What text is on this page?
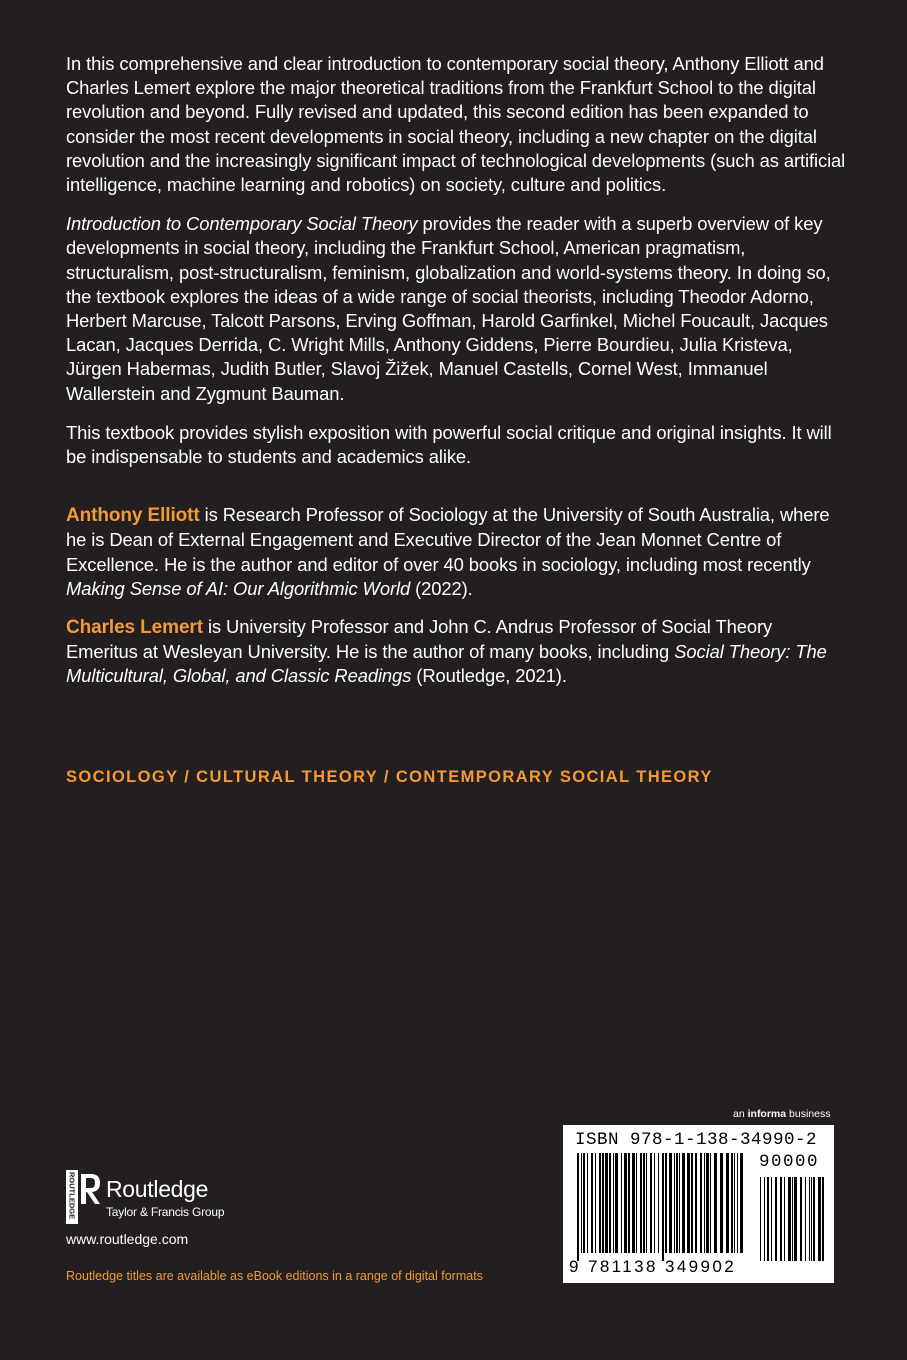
In this comprehensive and clear introduction to contemporary social theory, Anthony Elliott and Charles Lemert explore the major theoretical traditions from the Frankfurt School to the digital revolution and beyond. Fully revised and updated, this second edition has been expanded to consider the most recent developments in social theory, including a new chapter on the digital revolution and the increasingly significant impact of technological developments (such as artificial intelligence, machine learning and robotics) on society, culture and politics.

Introduction to Contemporary Social Theory provides the reader with a superb overview of key developments in social theory, including the Frankfurt School, American pragmatism, structuralism, post-structuralism, feminism, globalization and world-systems theory. In doing so, the textbook explores the ideas of a wide range of social theorists, including Theodor Adorno, Herbert Marcuse, Talcott Parsons, Erving Goffman, Harold Garfinkel, Michel Foucault, Jacques Lacan, Jacques Derrida, C. Wright Mills, Anthony Giddens, Pierre Bourdieu, Julia Kristeva, Jürgen Habermas, Judith Butler, Slavoj Žižek, Manuel Castells, Cornel West, Immanuel Wallerstein and Zygmunt Bauman.

This textbook provides stylish exposition with powerful social critique and original insights. It will be indispensable to students and academics alike.

Anthony Elliott is Research Professor of Sociology at the University of South Australia, where he is Dean of External Engagement and Executive Director of the Jean Monnet Centre of Excellence. He is the author and editor of over 40 books in sociology, including most recently Making Sense of AI: Our Algorithmic World (2022).

Charles Lemert is University Professor and John C. Andrus Professor of Social Theory Emeritus at Wesleyan University. He is the author of many books, including Social Theory: The Multicultural, Global, and Classic Readings (Routledge, 2021).

SOCIOLOGY / CULTURAL THEORY / CONTEMPORARY SOCIAL THEORY
an informa business
ISBN 978-1-138-34990-2
90000
9 781138 349902
ROUTLEDGE Routledge
Taylor & Francis Group
www.routledge.com
Routledge titles are available as eBook editions in a range of digital formats
